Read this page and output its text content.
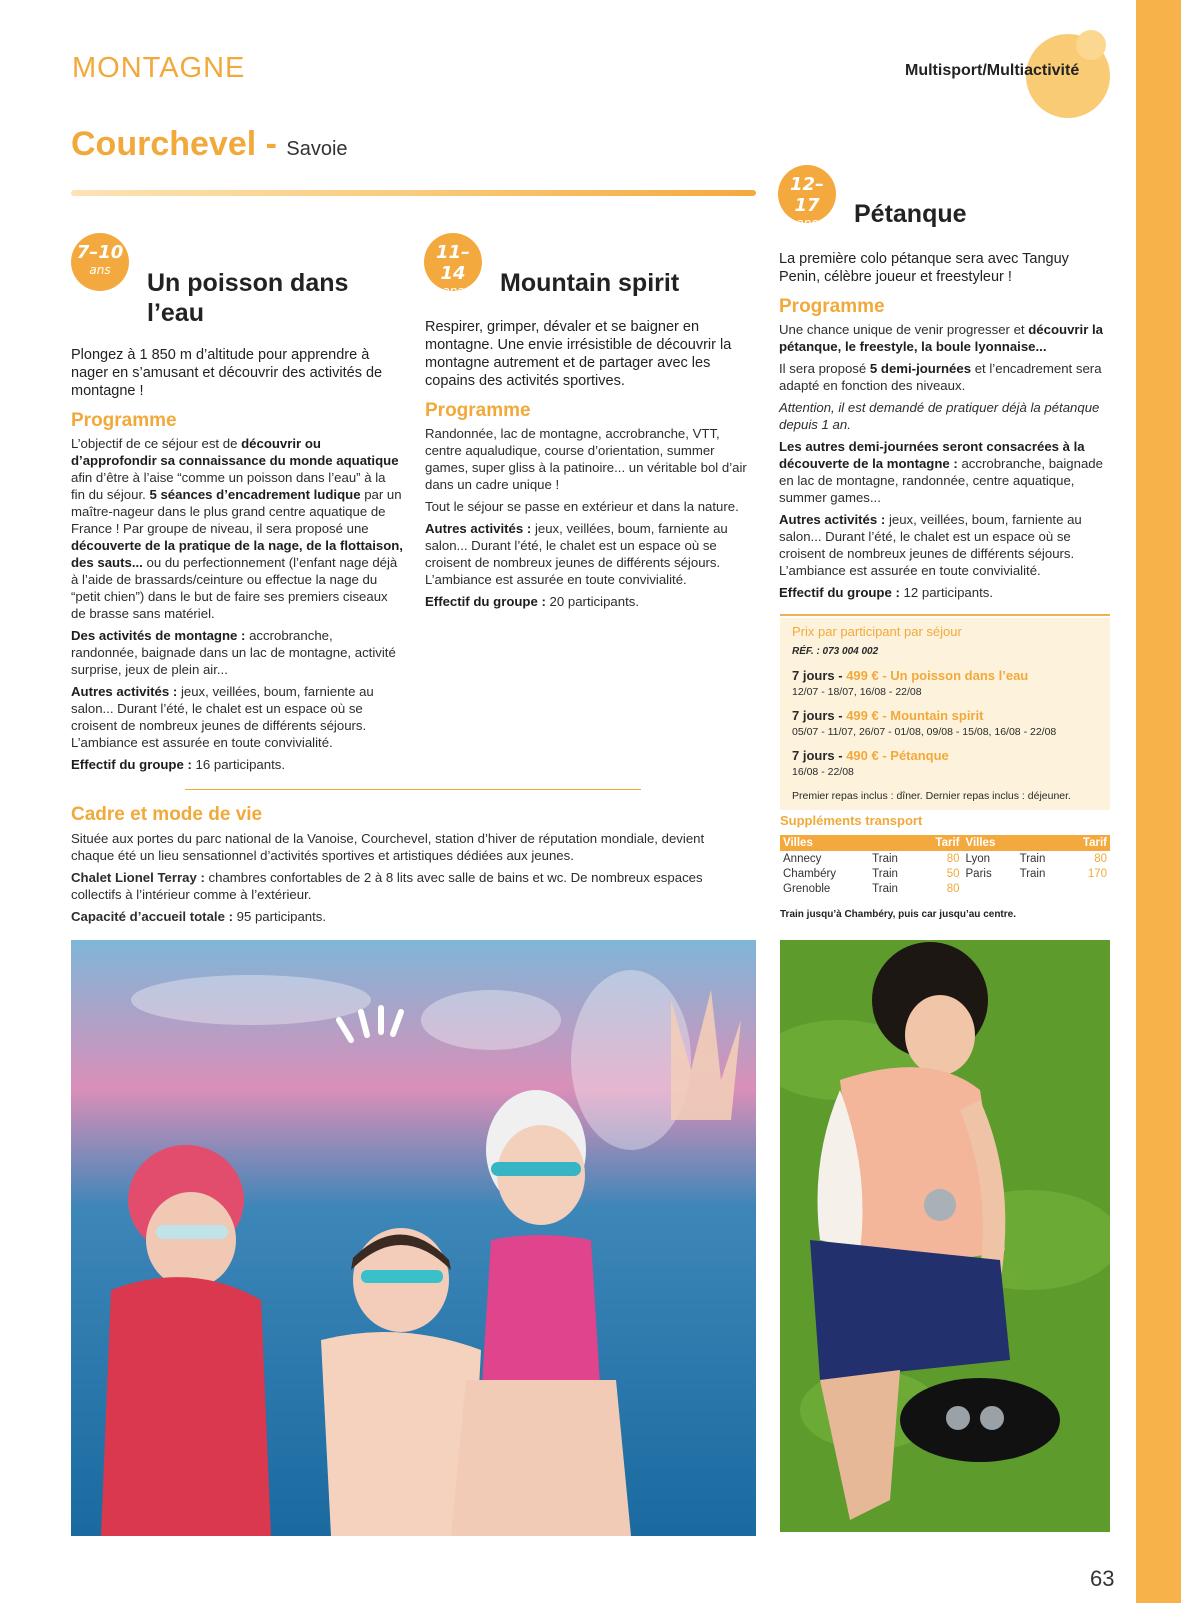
MONTAGNE	Multisport/Multiactivité
Courchevel - Savoie
7–10
ans	Un poisson dans
l’eau

Plongez à 1 850 m d’altitude pour apprendre à nager en s’amusant et découvrir des activités de montagne !

Programme

L’objectif de ce séjour est de découvrir ou d’approfondir sa connaissance du monde aquatique afin d’être à l’aise “comme un poisson dans l’eau” à la fin du séjour. 5 séances d’encadrement ludique par un maître-nageur dans le plus grand centre aquatique de France ! Par groupe de niveau, il sera proposé une découverte de la pratique de la nage, de la flottaison, des sauts... ou du perfectionnement (l’enfant nage déjà à l’aide de brassards/ceinture ou effectue la nage du “petit chien”) dans le but de faire ses premiers ciseaux de brasse sans matériel.

Des activités de montagne : accrobranche, randonnée, baignade dans un lac de montagne, activité surprise, jeux de plein air...

Autres activités : jeux, veillées, boum, farniente au salon... Durant l’été, le chalet est un espace où se croisent de nombreux jeunes de différents séjours. L’ambiance est assurée en toute convivialité.

Effectif du groupe : 16 participants.

11–14
ans	Mountain spirit

Respirer, grimper, dévaler et se baigner en montagne. Une envie irrésistible de découvrir la montagne autrement et de partager avec les copains des activités sportives.

Programme

Randonnée, lac de montagne, accrobranche, VTT, centre aqualudique, course d’orientation, summer games, super gliss à la patinoire... un véritable bol d’air dans un cadre unique !

Tout le séjour se passe en extérieur et dans la nature.

Autres activités : jeux, veillées, boum, farniente au salon... Durant l’été, le chalet est un espace où se croisent de nombreux jeunes de différents séjours. L’ambiance est assurée en toute convivialité.

Effectif du groupe : 20 participants.

12–17
ans	Pétanque

La première colo pétanque sera avec Tanguy Penin, célèbre joueur et freestyleur !

Programme

Une chance unique de venir progresser et découvrir la pétanque, le freestyle, la boule lyonnaise...

Il sera proposé 5 demi-journées et l’encadrement sera adapté en fonction des niveaux.

Attention, il est demandé de pratiquer déjà la pétanque depuis 1 an.

Les autres demi-journées seront consacrées à la découverte de la montagne : accrobranche, baignade en lac de montagne, randonnée, centre aquatique, summer games...

Autres activités : jeux, veillées, boum, farniente au salon... Durant l’été, le chalet est un espace où se croisent de nombreux jeunes de différents séjours. L’ambiance est assurée en toute convivialité.

Effectif du groupe : 12 participants.

Prix par participant par séjour
RÉF. : 073 004 002
7 jours - 499 € - Un poisson dans l’eau
12/07 - 18/07, 16/08 - 22/08
7 jours - 499 € - Mountain spirit
05/07 - 11/07, 26/07 - 01/08, 09/08 - 15/08, 16/08 - 22/08
7 jours - 490 € - Pétanque
16/08 - 22/08
Premier repas inclus : dîner. Dernier repas inclus : déjeuner.
Suppléments transport
Villes		Tarif	Villes		Tarif
Annecy	Train	80	Lyon	Train	80
Chambéry	Train	50	Paris	Train	170
Grenoble	Train	80			
Train jusqu’à Chambéry, puis car jusqu’au centre.
Cadre et mode de vie

Située aux portes du parc national de la Vanoise, Courchevel, station d’hiver de réputation mondiale, devient chaque été un lieu sensationnel d’activités sportives et artistiques dédiées aux jeunes.

Chalet Lionel Terray : chambres confortables de 2 à 8 lits avec salle de bains et wc. De nombreux espaces collectifs à l’intérieur comme à l’extérieur.

Capacité d’accueil totale : 95 participants.

63
